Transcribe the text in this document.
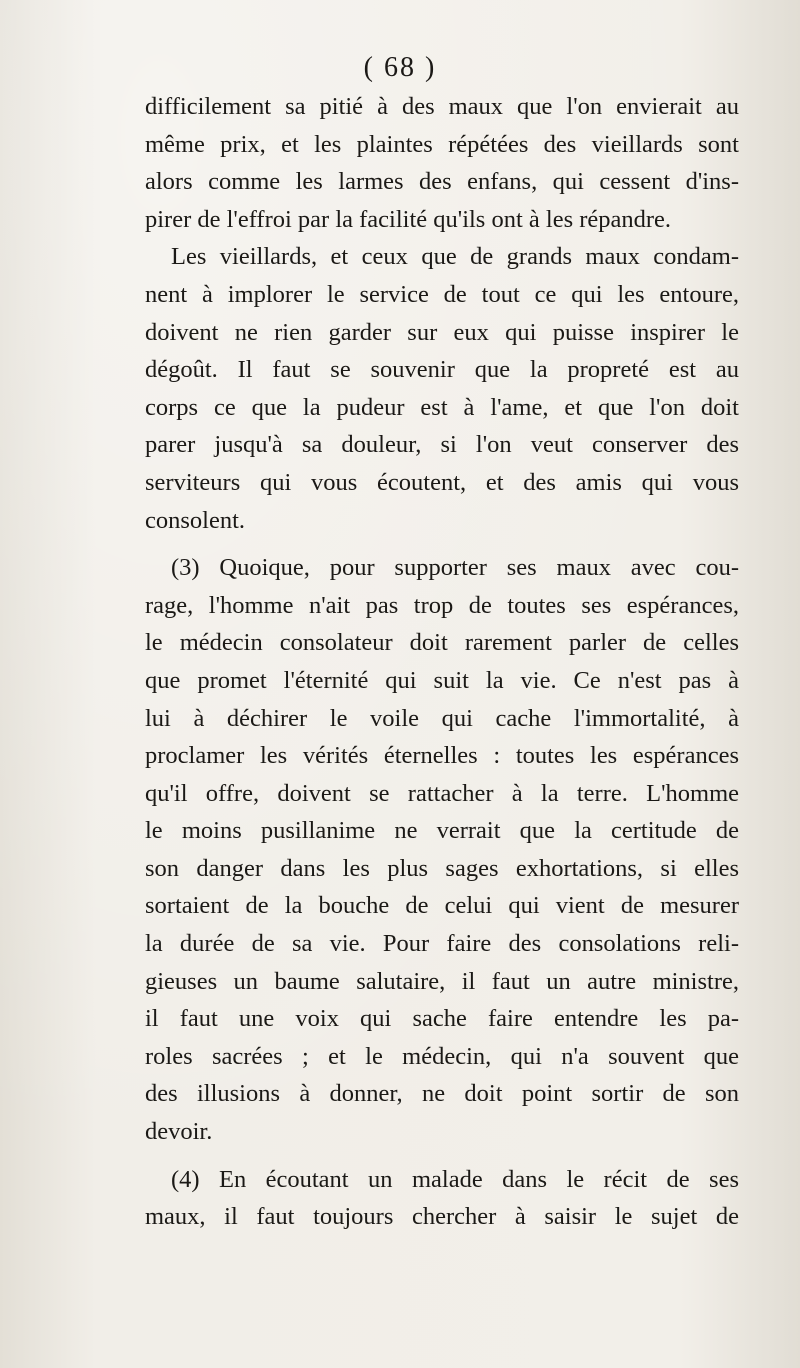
( 68 )
difficilement sa pitié à des maux que l'on envierait au
même prix, et les plaintes répétées des vieillards sont
alors comme les larmes des enfans, qui cessent d'ins-
pirer de l'effroi par la facilité qu'ils ont à les répandre.
Les vieillards, et ceux que de grands maux condam-
nent à implorer le service de tout ce qui les entoure,
doivent ne rien garder sur eux qui puisse inspirer le
dégoût. Il faut se souvenir que la propreté est au
corps ce que la pudeur est à l'ame, et que l'on doit
parer jusqu'à sa douleur, si l'on veut conserver des
serviteurs qui vous écoutent, et des amis qui vous
consolent.
(3) Quoique, pour supporter ses maux avec cou-
rage, l'homme n'ait pas trop de toutes ses espérances,
le médecin consolateur doit rarement parler de celles
que promet l'éternité qui suit la vie. Ce n'est pas à
lui à déchirer le voile qui cache l'immortalité, à
proclamer les vérités éternelles : toutes les espérances
qu'il offre, doivent se rattacher à la terre. L'homme
le moins pusillanime ne verrait que la certitude de
son danger dans les plus sages exhortations, si elles
sortaient de la bouche de celui qui vient de mesurer
la durée de sa vie. Pour faire des consolations reli-
gieuses un baume salutaire, il faut un autre ministre,
il faut une voix qui sache faire entendre les pa-
roles sacrées ; et le médecin, qui n'a souvent que
des illusions à donner, ne doit point sortir de son
devoir.
(4) En écoutant un malade dans le récit de ses
maux, il faut toujours chercher à saisir le sujet de
